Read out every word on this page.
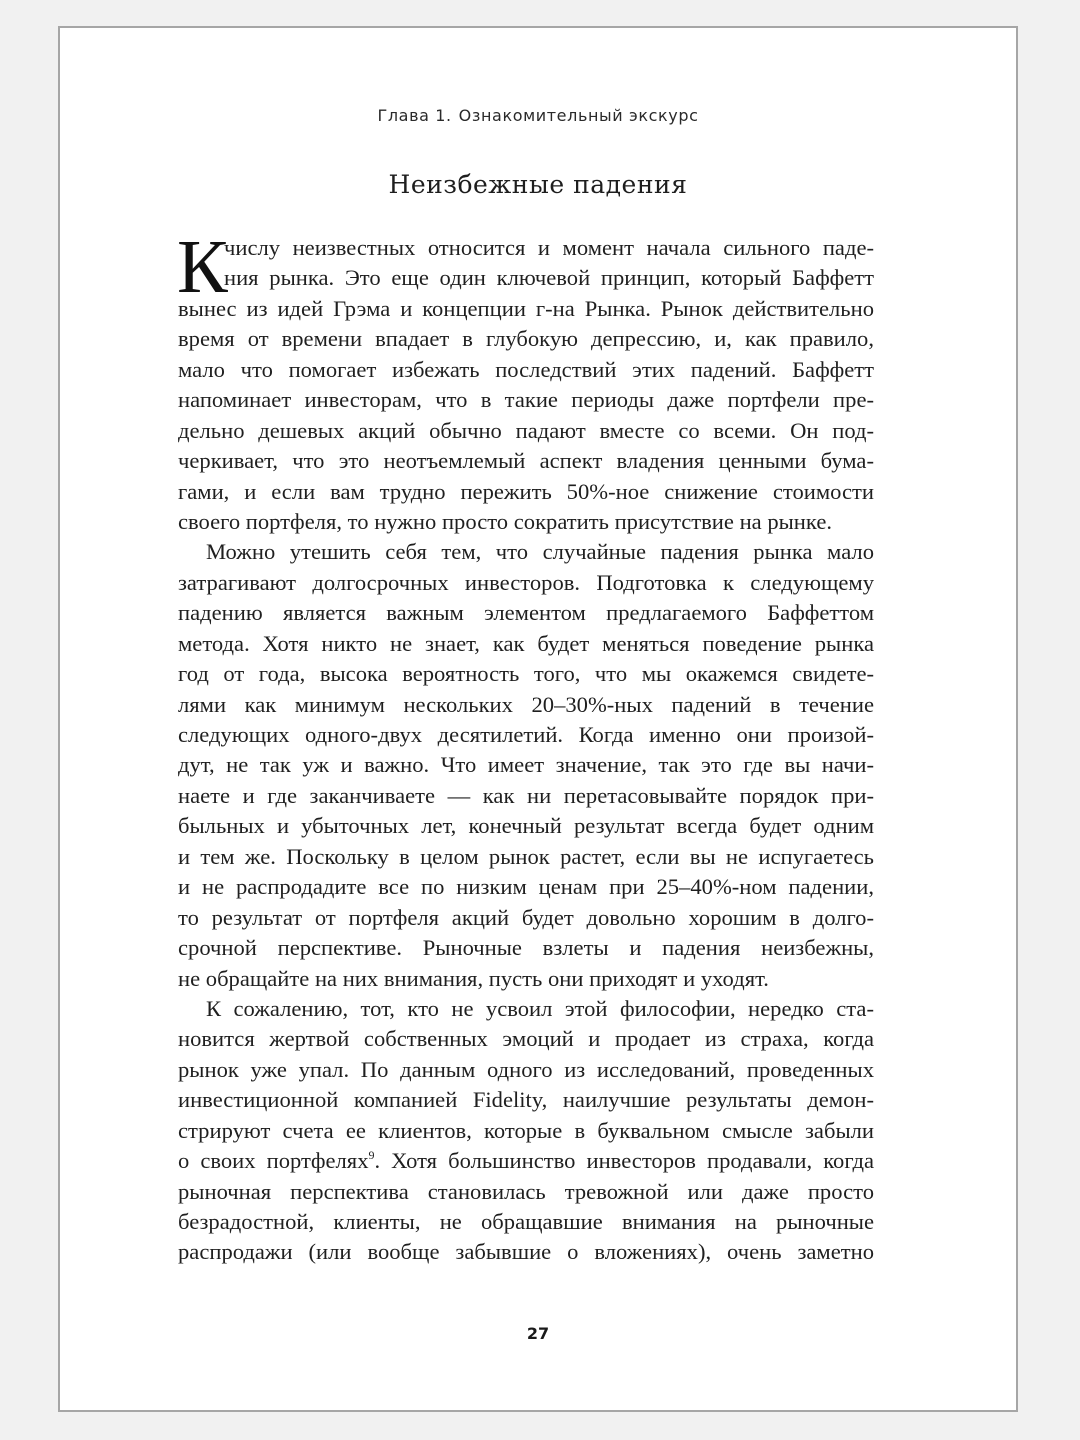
Глава 1. Ознакомительный экскурс
Неизбежные падения
К
числу неизвестных относится и момент начала сильного паде-
ния рынка. Это еще один ключевой принцип, который Баффетт
вынес из идей Грэма и концепции г-на Рынка. Рынок действительно
время от времени впадает в глубокую депрессию, и, как правило,
мало что помогает избежать последствий этих падений. Баффетт
напоминает инвесторам, что в такие периоды даже портфели пре-
дельно дешевых акций обычно падают вместе со всеми. Он под-
черкивает, что это неотъемлемый аспект владения ценными бума-
гами, и если вам трудно пережить 50%-ное снижение стоимости
своего портфеля, то нужно просто сократить присутствие на рынке.
Можно утешить себя тем, что случайные падения рынка мало
затрагивают долгосрочных инвесторов. Подготовка к следующему
падению является важным элементом предлагаемого Баффеттом
метода. Хотя никто не знает, как будет меняться поведение рынка
год от года, высока вероятность того, что мы окажемся свидете-
лями как минимум нескольких 20–30%-ных падений в течение
следующих одного-двух десятилетий. Когда именно они произой-
дут, не так уж и важно. Что имеет значение, так это где вы начи-
наете и где заканчиваете — как ни перетасовывайте порядок при-
быльных и убыточных лет, конечный результат всегда будет одним
и тем же. Поскольку в целом рынок растет, если вы не испугаетесь
и не распродадите все по низким ценам при 25–40%-ном падении,
то результат от портфеля акций будет довольно хорошим в долго-
срочной перспективе. Рыночные взлеты и падения неизбежны,
не обращайте на них внимания, пусть они приходят и уходят.
К сожалению, тот, кто не усвоил этой философии, нередко ста-
новится жертвой собственных эмоций и продает из страха, когда
рынок уже упал. По данным одного из исследований, проведенных
инвестиционной компанией Fidelity, наилучшие результаты демон-
стрируют счета ее клиентов, которые в буквальном смысле забыли
о своих портфелях$^9$. Хотя большинство инвесторов продавали, когда
рыночная перспектива становилась тревожной или даже просто
безрадостной, клиенты, не обращавшие внимания на рыночные
распродажи (или вообще забывшие о вложениях), очень заметно
27
